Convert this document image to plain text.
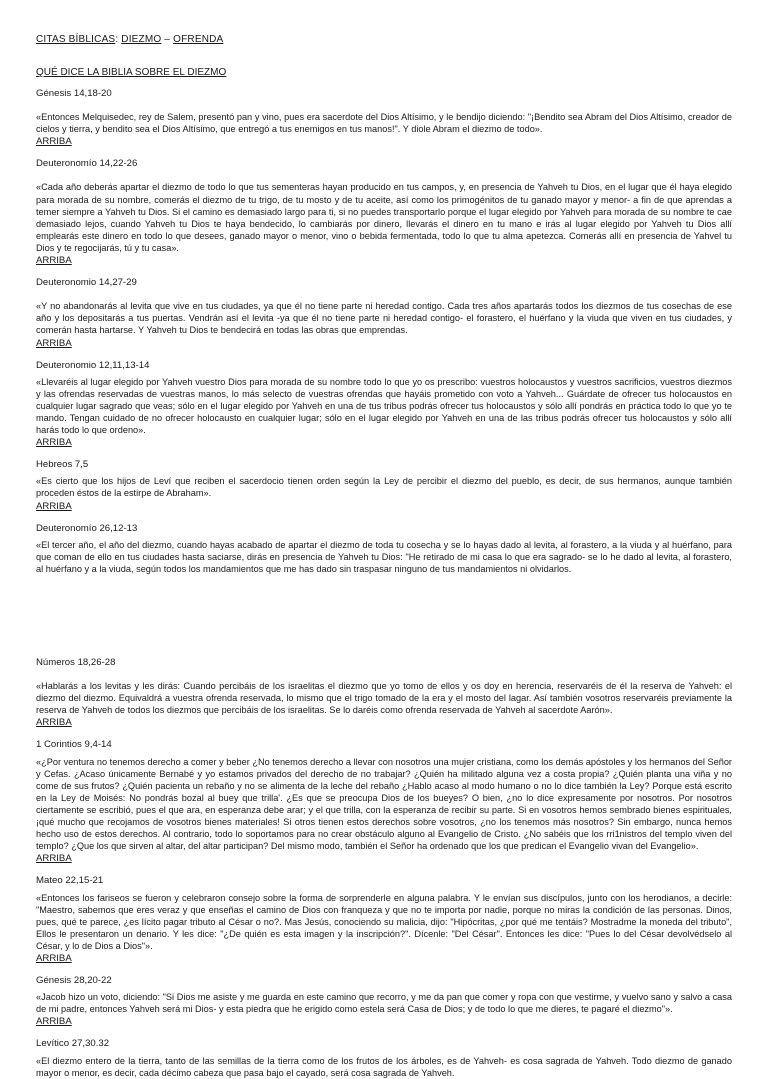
CITAS BÍBLICAS: DIEZMO – OFRENDA
QUÉ DICE LA BIBLIA SOBRE EL DIEZMO

Génesis 14,18-20

«Entonces Melquisedec, rey de Salem, presentó pan y vino, pues era sacerdote del Dios Altísimo, y le bendijo diciendo: "¡Bendito sea Abram del Dios Altísimo, creador de cielos y tierra, y bendito sea el Dios Altísimo, que entregó a tus enemigos en tus manos!". Y diole Abram el diezmo de todo».

ARRIBA

Deuteronomío 14,22-26

«Cada año deberás apartar el diezmo de todo lo que tus sementeras hayan producido en tus campos, y, en presencia de Yahveh tu Dios, en el lugar que él haya elegido para morada de su nombre, comerás el diezmo de tu trigo, de tu mosto y de tu aceite, así como los primogénitos de tu ganado mayor y menor- a fin de que aprendas a temer siempre a Yahveh tu Dios. Si el camino es demasiado largo para ti, si no puedes transportarlo porque el lugar elegido por Yahveh para morada de su nombre te cae demasiado lejos, cuando Yahveh tu Dios te haya bendecido, lo cambiarás por dinero, llevarás el dinero en tu mano e irás al lugar elegido por Yahveh tu Dios allí emplearás este dinero en todo lo que desees, ganado mayor o menor, vino o bebida fermentada, todo lo que tu alma apetezca. Comerás allí en presencia de Yahvel tu Dios y te regocijarás, tú y tu casa».

ARRIBA

Deuteronomio 14,27-29

«Y no abandonarás al levita que vive en tus ciudades, ya que él no tiene parte ni heredad contigo. Cada tres años apartarás todos los diezmos de tus cosechas de ese año y los depositarás a tus puertas. Vendrán así el levita -ya que él no tiene parte ni heredad contigo- el forastero, el huérfano y la viuda que viven en tus ciudades, y comerán hasta hartarse. Y Yahveh tu Dios te bendecirá en todas las obras que emprendas.

ARRIBA

Deuteronomio 12,11,13-14

«Llevaréis al lugar elegido por Yahveh vuestro Dios para morada de su nombre todo lo que yo os prescribo: vuestros holocaustos y vuestros sacrificios, vuestros diezmos y las ofrendas reservadas de vuestras manos, lo más selecto de vuestras ofrendas que hayáis prometido con voto a Yahveh... Guárdate de ofrecer tus holocaustos en cualquier lugar sagrado que veas; sólo en el lugar elegido por Yahveh en una de tus tribus podrás ofrecer tus holocaustos y sólo allí pondrás en práctica todo lo que yo te mando. Tengan cuidado de no ofrecer holocausto en cualquier lugar; sólo en el lugar elegido por Yahveh en una de las tribus podrás ofrecer tus holocaustos y sólo allí harás todo lo que ordeno».

ARRIBA

Hebreos 7,5

«Es cierto que los hijos de Leví que reciben el sacerdocio tienen orden según la Ley de percibir el diezmo del pueblo, es decir, de sus hermanos, aunque también proceden éstos de la estirpe de Abraham».

ARRIBA

Deuteronomío 26,12-13

«El tercer año, el año del diezmo, cuando hayas acabado de apartar el diezmo de toda tu cosecha y se lo hayas dado al levita, al forastero, a la viuda y al huérfano, para que coman de ello en tus ciudades hasta saciarse, dirás en presencia de Yahveh tu Dios: "He retirado de mi casa lo que era sagrado- se lo he dado al levita, al forastero, al huérfano y a la viuda, según todos los mandamientos que me has dado sin traspasar ninguno de tus mandamientos ni olvidarlos.

Números 18,26-28

«Hablarás a los levitas y les dirás: Cuando percibáis de los israelitas el diezmo que yo tomo de ellos y os doy en herencia, reservaréis de él la reserva de Yahveh: el diezmo del diezmo. Equivaldrá a vuestra ofrenda reservada, lo mismo que el trigo tomado de la era y el mosto del lagar. Así también vosotros reservaréis previamente la reserva de Yahveh de todos los diezmos que percibáis de los israelitas. Se lo daréis como ofrenda reservada de Yahveh al sacerdote Aarón».

ARRIBA

1 Corintios 9,4-14

«¿Por ventura no tenemos derecho a comer y beber ¿No tenemos derecho a llevar con nosotros una mujer cristiana, como los demás apóstoles y los hermanos del Señor y Cefas. ¿Acaso únicamente Bernabé y yo estamos privados del derecho de no trabajar? ¿Quién ha militado alguna vez a costa propia? ¿Quién planta una viña y no come de sus frutos? ¿Quién pacienta un rebaño y no se alimenta de la leche del rebaño ¿Hablo acaso al modo humano o no lo dice también la Ley? Porque está escrito en la Ley de Moisés: No pondrás bozal al buey que trilla'. ¿Es que se preocupa Dios de los bueyes? O bien, ¿no lo dice expresamente por nosotros. Por nosotros ciertamente se escribió, pues el que ara, en esperanza debe arar; y el que trilla, con la esperanza de recibir su parte. Si en vosotros hemos sembrado bienes espirituales, ¡qué mucho que recojamos de vosotros bienes materiales! Si otros tienen estos derechos sobre vosotros, ¿no los tenemos más nosotros? Sin embargo, nunca hemos hecho uso de estos derechos. Al contrario, todo lo soportamos para no crear obstáculo alguno al Evangelio de Cristo. ¿No sabéis que los rri1nistros del templo viven del templo? ¿Que los que sirven al altar, del altar participan? Del mismo modo, también el Señor ha ordenado que los que predican el Evangelio vivan del Evangelio».

ARRIBA

Mateo 22,15-21

«Entonces los fariseos se fueron y celebraron consejo sobre la forma de sorprenderle en alguna palabra. Y le envían sus discípulos, junto con los herodianos, a decirle: "Maestro, sabemos que eres veraz y que enseñas el camino de Dios con franqueza y que no te importa por nadie, porque no miras la condición de las personas. Dinos, pues, qué te parece, ¿es lícito pagar tributo al César o no?. Mas Jesús, conociendo su malicia, dijo: "Hipócritas, ¿por qué me tentáis? Mostradme la moneda del tributo", Ellos le presentaron un denario. Y les dice: "¿De quién es esta imagen y la inscripción?". Dícenle: "Del César". Entonces les dice: "Pues lo del César devolvédselo al César, y lo de Dios a Dios"».

ARRIBA

Génesis 28,20-22

«Jacob hizo un voto, diciendo: "Si Dios me asiste y me guarda en este camino que recorro, y me da pan que comer y ropa con que vestirme, y vuelvo sano y salvo a casa de mi padre, entonces Yahveh será mi Dios- y esta piedra que he erigido como estela será Casa de Dios; y de todo lo que me dieres, te pagaré el diezmo"».

ARRIBA

Levítico 27,30.32

«El diezmo entero de la tierra, tanto de las semillas de la tierra como de los frutos de los árboles, es de Yahveh- es cosa sagrada de Yahveh. Todo diezmo de ganado mayor o menor, es decir, cada décimo cabeza que pasa bajo el cayado, será cosa sagrada de Yahveh.
